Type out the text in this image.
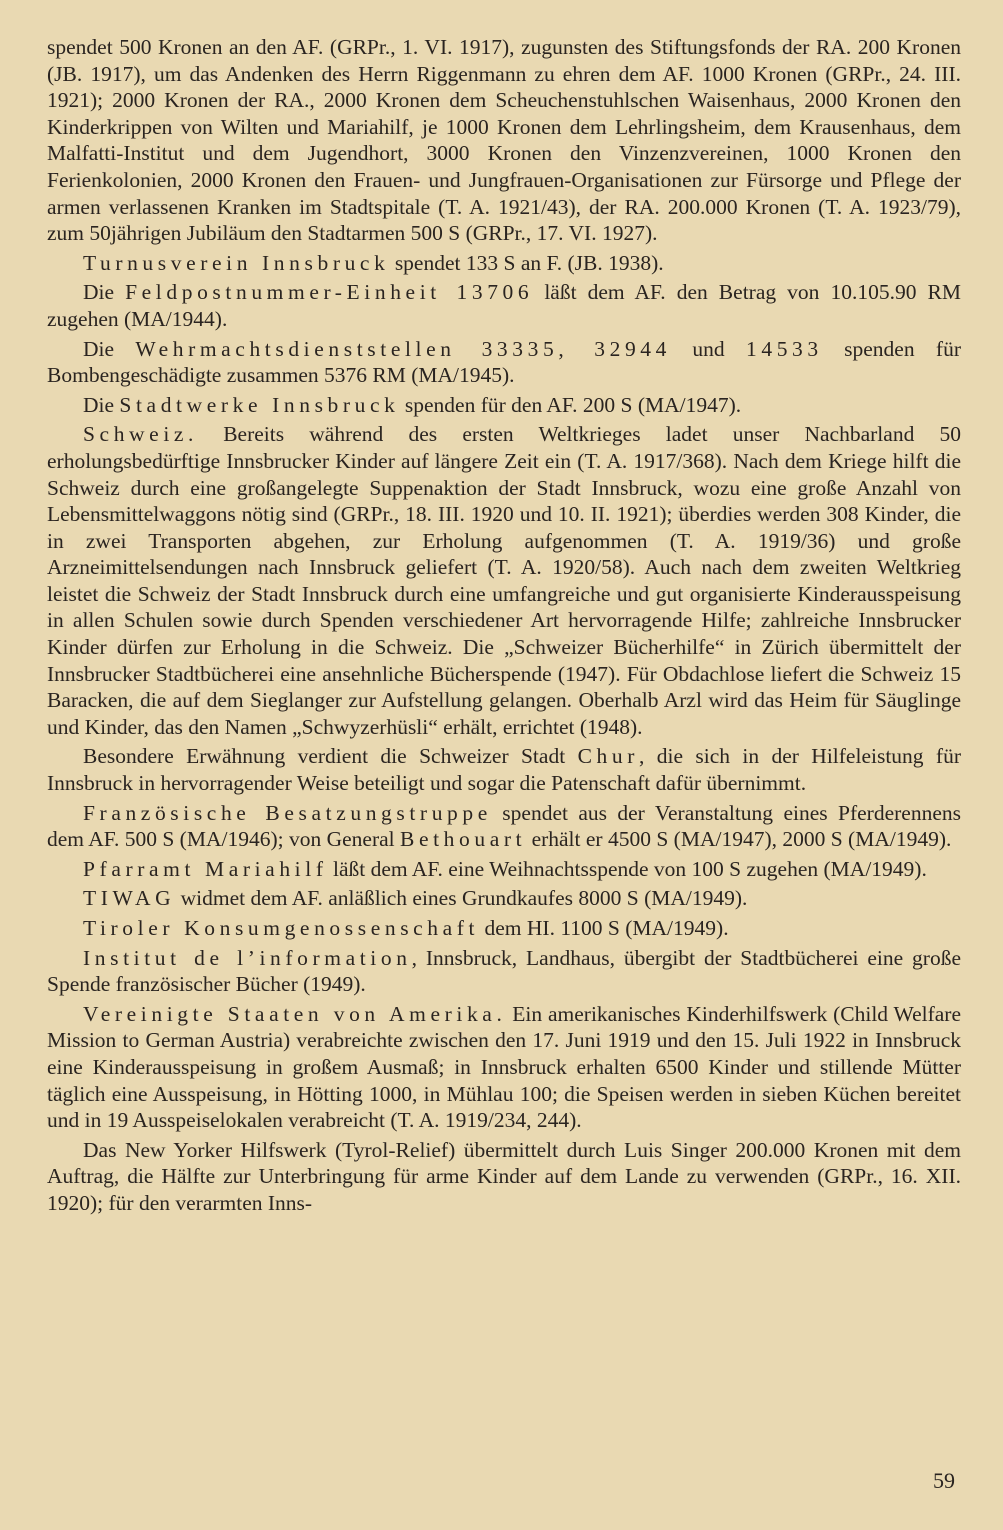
spendet 500 Kronen an den AF. (GRPr., 1. VI. 1917), zugunsten des Stiftungsfonds der RA. 200 Kronen (JB. 1917), um das Andenken des Herrn Riggenmann zu ehren dem AF. 1000 Kronen (GRPr., 24. III. 1921); 2000 Kronen der RA., 2000 Kronen dem Scheuchenstuhlschen Waisenhaus, 2000 Kronen den Kinderkrippen von Wilten und Mariahilf, je 1000 Kronen dem Lehrlingsheim, dem Krausenhaus, dem Malfatti-Institut und dem Jugendhort, 3000 Kronen den Vinzenzvereinen, 1000 Kronen den Ferienkolonien, 2000 Kronen den Frauen- und Jungfrauen-Organisationen zur Fürsorge und Pflege der armen verlassenen Kranken im Stadtspitale (T. A. 1921/43), der RA. 200.000 Kronen (T. A. 1923/79), zum 50jährigen Jubiläum den Stadtarmen 500 S (GRPr., 17. VI. 1927).

Turnusverein Innsbruck spendet 133 S an F. (JB. 1938).

Die Feldpostnummer-Einheit 13706 läßt dem AF. den Betrag von 10.105.90 RM zugehen (MA/1944).

Die Wehrmachtsdienststellen 33335, 32944 und 14533 spenden für Bombengeschädigte zusammen 5376 RM (MA/1945).

Die Stadtwerke Innsbruck spenden für den AF. 200 S (MA/1947).

Schweiz. Bereits während des ersten Weltkrieges ladet unser Nachbarland 50 erholungsbedürftige Innsbrucker Kinder auf längere Zeit ein (T. A. 1917/368). Nach dem Kriege hilft die Schweiz durch eine großangelegte Suppenaktion der Stadt Innsbruck, wozu eine große Anzahl von Lebensmittelwaggons nötig sind (GRPr., 18. III. 1920 und 10. II. 1921); überdies werden 308 Kinder, die in zwei Transporten abgehen, zur Erholung aufgenommen (T. A. 1919/36) und große Arzneimittelsendungen nach Innsbruck geliefert (T. A. 1920/58). Auch nach dem zweiten Weltkrieg leistet die Schweiz der Stadt Innsbruck durch eine umfangreiche und gut organisierte Kinderausspeisung in allen Schulen sowie durch Spenden verschiedener Art hervorragende Hilfe; zahlreiche Innsbrucker Kinder dürfen zur Erholung in die Schweiz. Die „Schweizer Bücherhilfe“ in Zürich übermittelt der Innsbrucker Stadtbücherei eine ansehnliche Bücherspende (1947). Für Obdachlose liefert die Schweiz 15 Baracken, die auf dem Sieglanger zur Aufstellung gelangen. Oberhalb Arzl wird das Heim für Säuglinge und Kinder, das den Namen „Schwyzerhüsli“ erhält, errichtet (1948).

Besondere Erwähnung verdient die Schweizer Stadt Chur, die sich in der Hilfeleistung für Innsbruck in hervorragender Weise beteiligt und sogar die Patenschaft dafür übernimmt.

Französische Besatzungstruppe spendet aus der Veranstaltung eines Pferderennens dem AF. 500 S (MA/1946); von General Bethouart erhält er 4500 S (MA/1947), 2000 S (MA/1949).

Pfarramt Mariahilf läßt dem AF. eine Weihnachtsspende von 100 S zugehen (MA/1949).

TIWAG widmet dem AF. anläßlich eines Grundkaufes 8000 S (MA/1949).

Tiroler Konsumgenossenschaft dem HI. 1100 S (MA/1949).

Institut de l’information, Innsbruck, Landhaus, übergibt der Stadtbücherei eine große Spende französischer Bücher (1949).

Vereinigte Staaten von Amerika. Ein amerikanisches Kinderhilfswerk (Child Welfare Mission to German Austria) verabreichte zwischen den 17. Juni 1919 und den 15. Juli 1922 in Innsbruck eine Kinderausspeisung in großem Ausmaß; in Innsbruck erhalten 6500 Kinder und stillende Mütter täglich eine Ausspeisung, in Hötting 1000, in Mühlau 100; die Speisen werden in sieben Küchen bereitet und in 19 Ausspeiselokalen verabreicht (T. A. 1919/234, 244).

Das New Yorker Hilfswerk (Tyrol-Relief) übermittelt durch Luis Singer 200.000 Kronen mit dem Auftrag, die Hälfte zur Unterbringung für arme Kinder auf dem Lande zu verwenden (GRPr., 16. XII. 1920); für den verarmten Inns-

59
